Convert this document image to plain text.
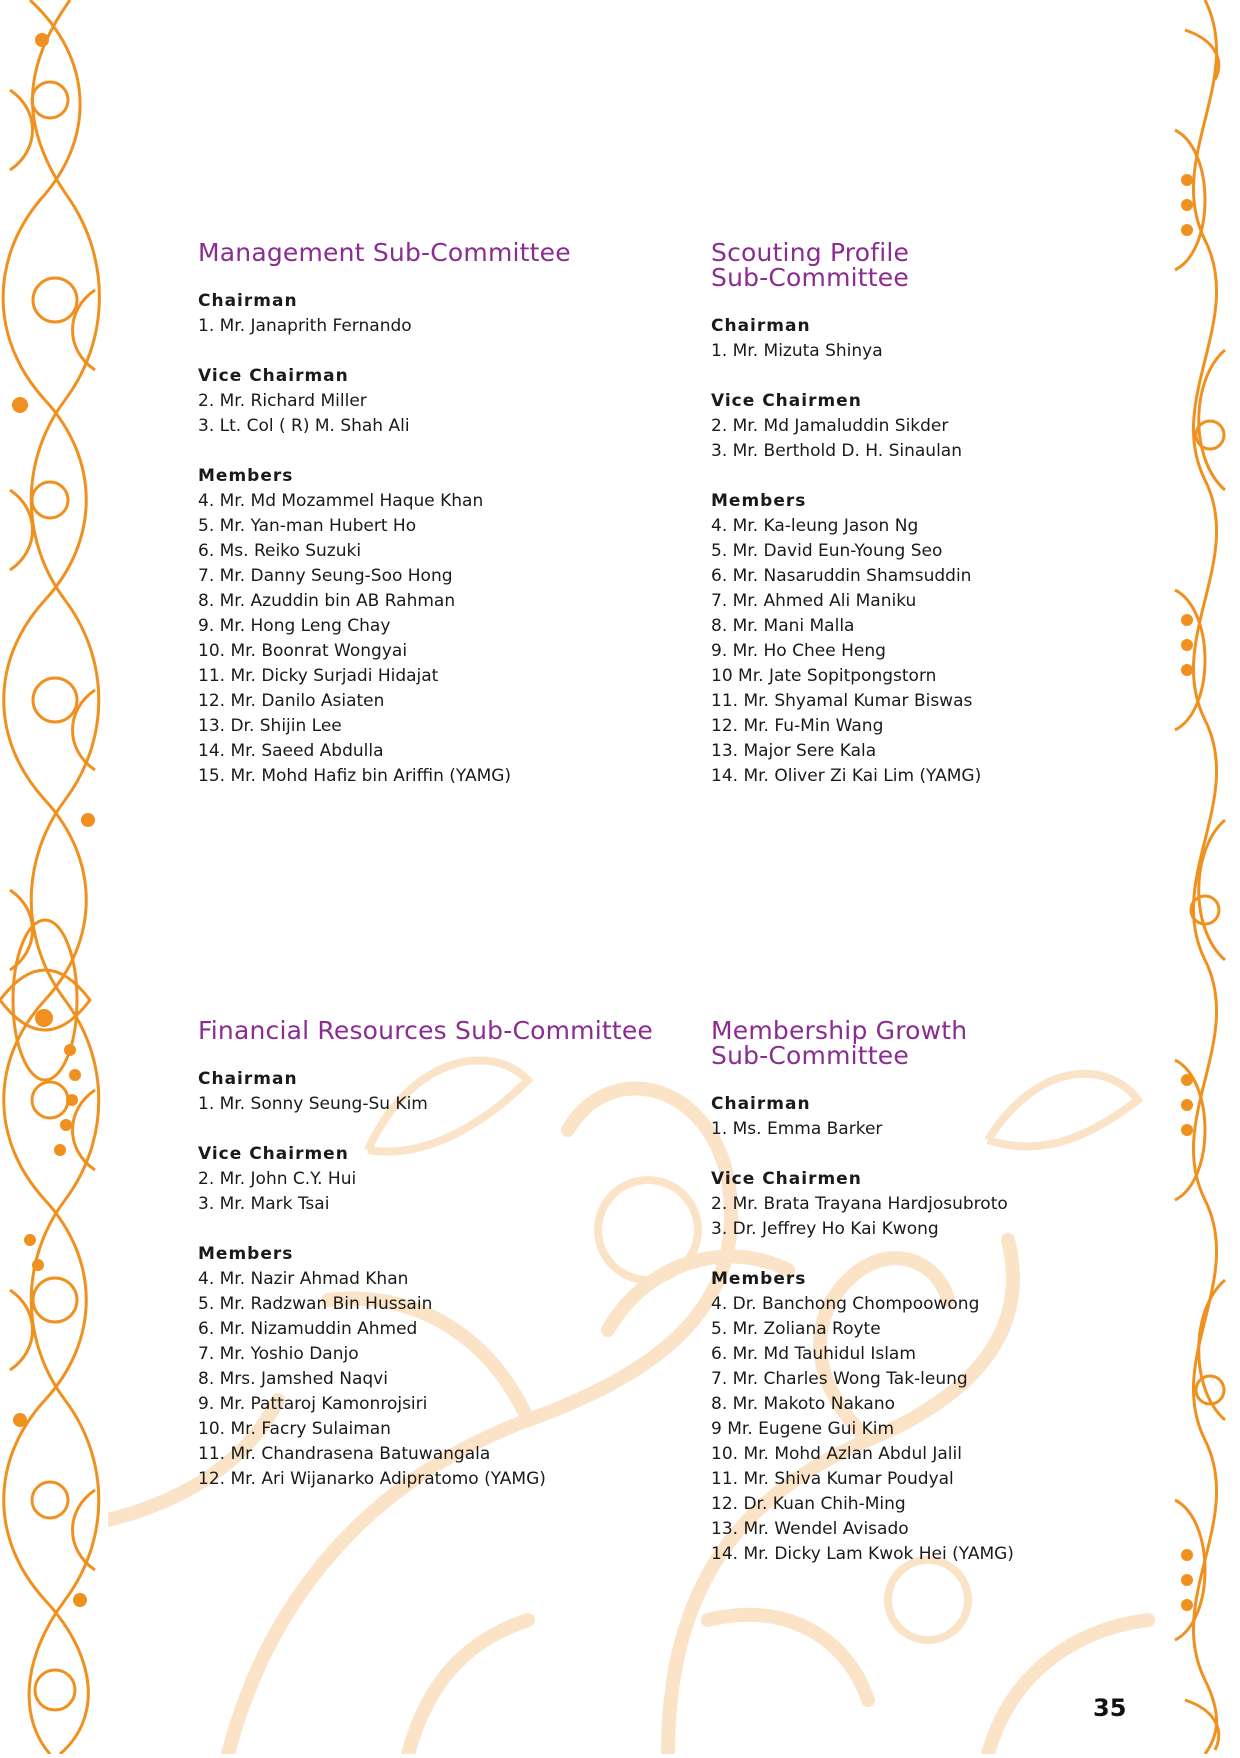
Management Sub-Committee
Chairman
1. Mr. Janaprith Fernando
Vice Chairman
2. Mr. Richard Miller
3. Lt. Col ( R) M. Shah Ali
Members
4. Mr. Md Mozammel Haque Khan
5. Mr. Yan-man Hubert Ho
6. Ms. Reiko Suzuki
7. Mr. Danny Seung-Soo Hong
8. Mr. Azuddin bin AB Rahman
9. Mr. Hong Leng Chay
10. Mr. Boonrat Wongyai
11. Mr. Dicky Surjadi Hidajat
12. Mr. Danilo Asiaten
13. Dr. Shijin Lee
14. Mr. Saeed Abdulla
15. Mr. Mohd Hafiz bin Ariffin (YAMG)
Scouting Profile
Sub-Committee
Chairman
1. Mr. Mizuta Shinya
Vice Chairmen
2. Mr. Md Jamaluddin Sikder
3. Mr. Berthold D. H. Sinaulan
Members
4. Mr. Ka-leung Jason Ng
5. Mr. David Eun-Young Seo
6. Mr. Nasaruddin Shamsuddin
7. Mr. Ahmed Ali Maniku
8. Mr. Mani Malla
9. Mr. Ho Chee Heng
10 Mr. Jate Sopitpongstorn
11. Mr. Shyamal Kumar Biswas
12. Mr. Fu-Min Wang
13. Major Sere Kala
14. Mr. Oliver Zi Kai Lim (YAMG)
Financial Resources Sub-Committee
Chairman
1. Mr. Sonny Seung-Su Kim
Vice Chairmen
2. Mr. John C.Y. Hui
3. Mr. Mark Tsai
Members
4. Mr. Nazir Ahmad Khan
5. Mr. Radzwan Bin Hussain
6. Mr. Nizamuddin Ahmed
7. Mr. Yoshio Danjo
8. Mrs. Jamshed Naqvi
9. Mr. Pattaroj Kamonrojsiri
10. Mr. Facry Sulaiman
11. Mr. Chandrasena Batuwangala
12. Mr. Ari Wijanarko Adipratomo (YAMG)
Membership Growth
Sub-Committee
Chairman
1. Ms. Emma Barker
Vice Chairmen
2. Mr. Brata Trayana Hardjosubroto
3. Dr. Jeffrey Ho Kai Kwong
Members
4. Dr. Banchong Chompoowong
5. Mr. Zoliana Royte
6. Mr. Md Tauhidul Islam
7. Mr. Charles Wong Tak-leung
8. Mr. Makoto Nakano
9 Mr. Eugene Gui Kim
10. Mr. Mohd Azlan Abdul Jalil
11. Mr. Shiva Kumar Poudyal
12. Dr. Kuan Chih-Ming
13. Mr. Wendel Avisado
14. Mr. Dicky Lam Kwok Hei (YAMG)
35
